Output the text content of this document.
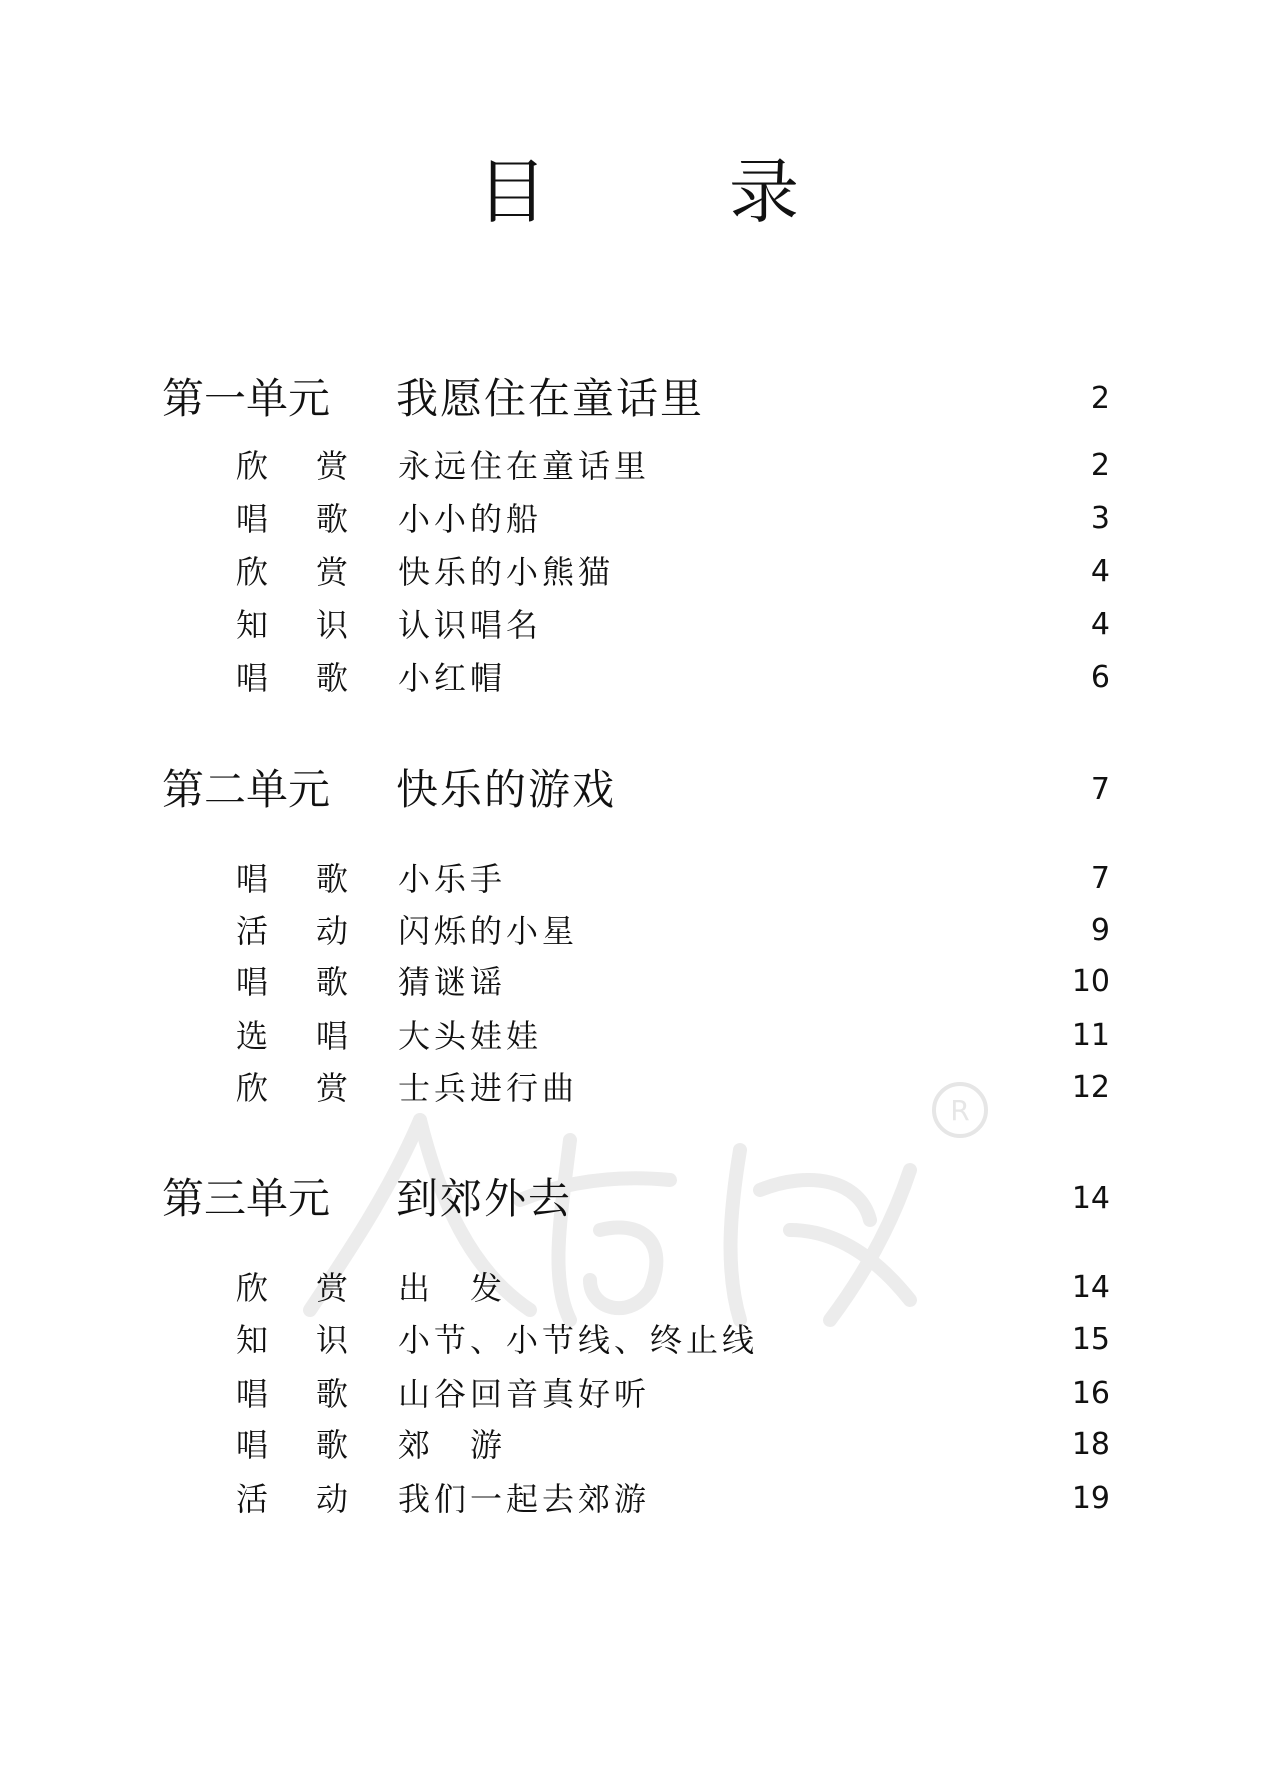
R
目　录
第一单元 我愿住在童话里	2
欣　赏 永远住在童话里	2
唱　歌 小小的船	3
欣　赏 快乐的小熊猫	4
知　识 认识唱名	4
唱　歌 小红帽	6
第二单元 快乐的游戏	7
唱　歌 小乐手	7
活　动 闪烁的小星	9
唱　歌 猜谜谣	10
选　唱 大头娃娃	11
欣　赏 士兵进行曲	12
第三单元 到郊外去	14
欣　赏 出　发	14
知　识 小节、小节线、终止线	15
唱　歌 山谷回音真好听	16
唱　歌 郊　游	18
活　动 我们一起去郊游	19
